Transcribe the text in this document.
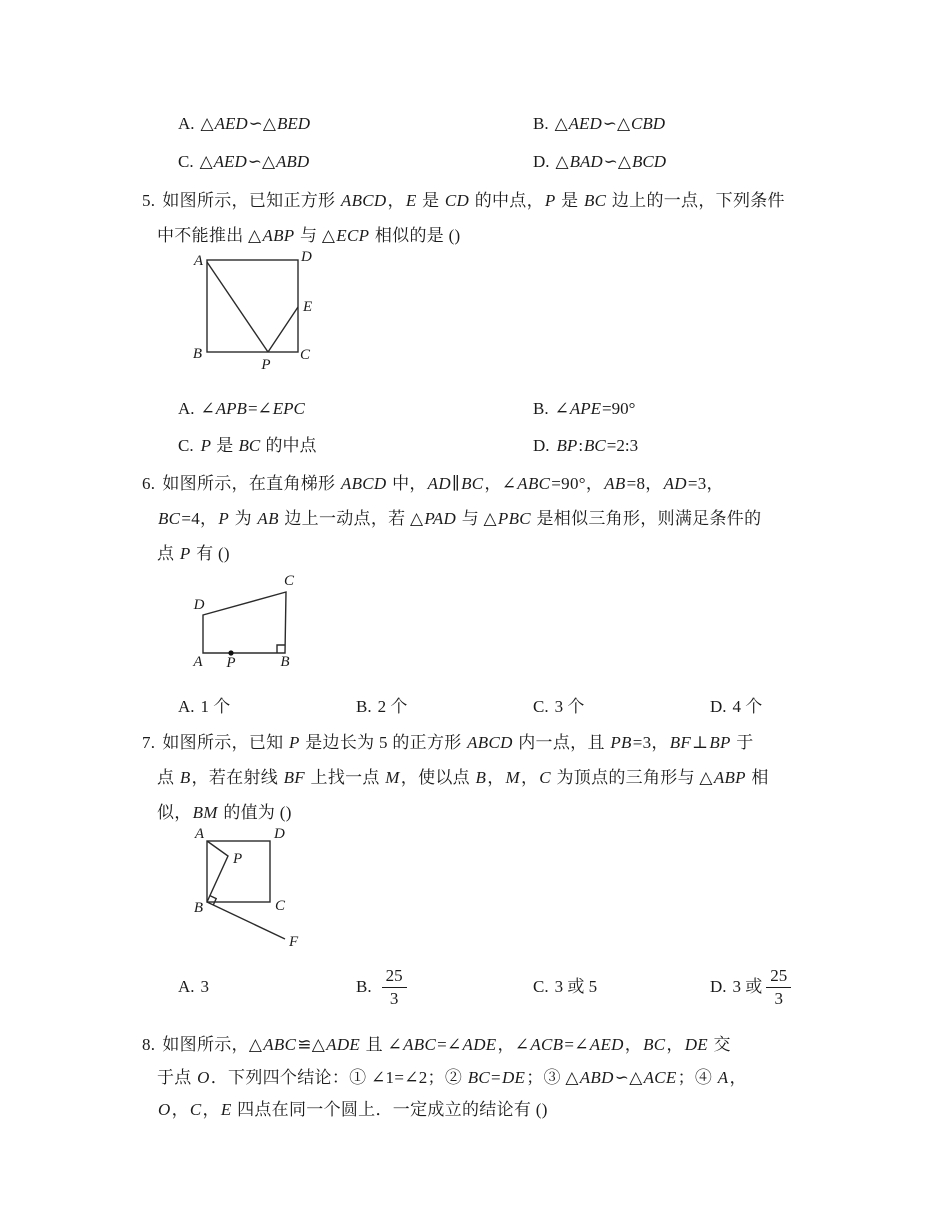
A. △AED∽△BED	B. △AED∽△CBD
C. △AED∽△ABD	D. △BAD∽△BCD
5. 如图所示，已知正方形 ABCD，E 是 CD 的中点，P 是 BC 边上的一点，下列条件
中不能推出 △ABP 与 △ECP 相似的是 ()
A	D
B	C
E
P
A. ∠APB=∠EPC	B. ∠APE=90°
C. P 是 BC 的中点	D. BP:BC=2:3
6. 如图所示，在直角梯形 ABCD 中，AD∥BC，∠ABC=90°，AB=8，AD=3，
BC=4，P 为 AB 边上一动点，若 △PAD 与 △PBC 是相似三角形，则满足条件的
点 P 有 ()
A P	B
C
D
A. 1 个	B. 2 个	C. 3 个	D. 4 个
7. 如图所示，已知 P 是边长为 5 的正方形 ABCD 内一点，且 PB=3，BF⊥BP 于
点 B，若在射线 BF 上找一点 M，使以点 B，M，C 为顶点的三角形与 △ABP 相
似，BM 的值为 ()
A	D
B	C
P
F
A. 3	B. $\frac{25}{3}$	C. 3 或 5	D. 3 或 $\frac{25}{3}$
8. 如图所示，△ABC≌△ADE 且 ∠ABC=∠ADE，∠ACB=∠AED，BC，DE 交
于点 O．下列四个结论：① ∠1=∠2；② BC=DE；③ △ABD∽△ACE；④ A，
O，C，E 四点在同一个圆上．一定成立的结论有 ()
